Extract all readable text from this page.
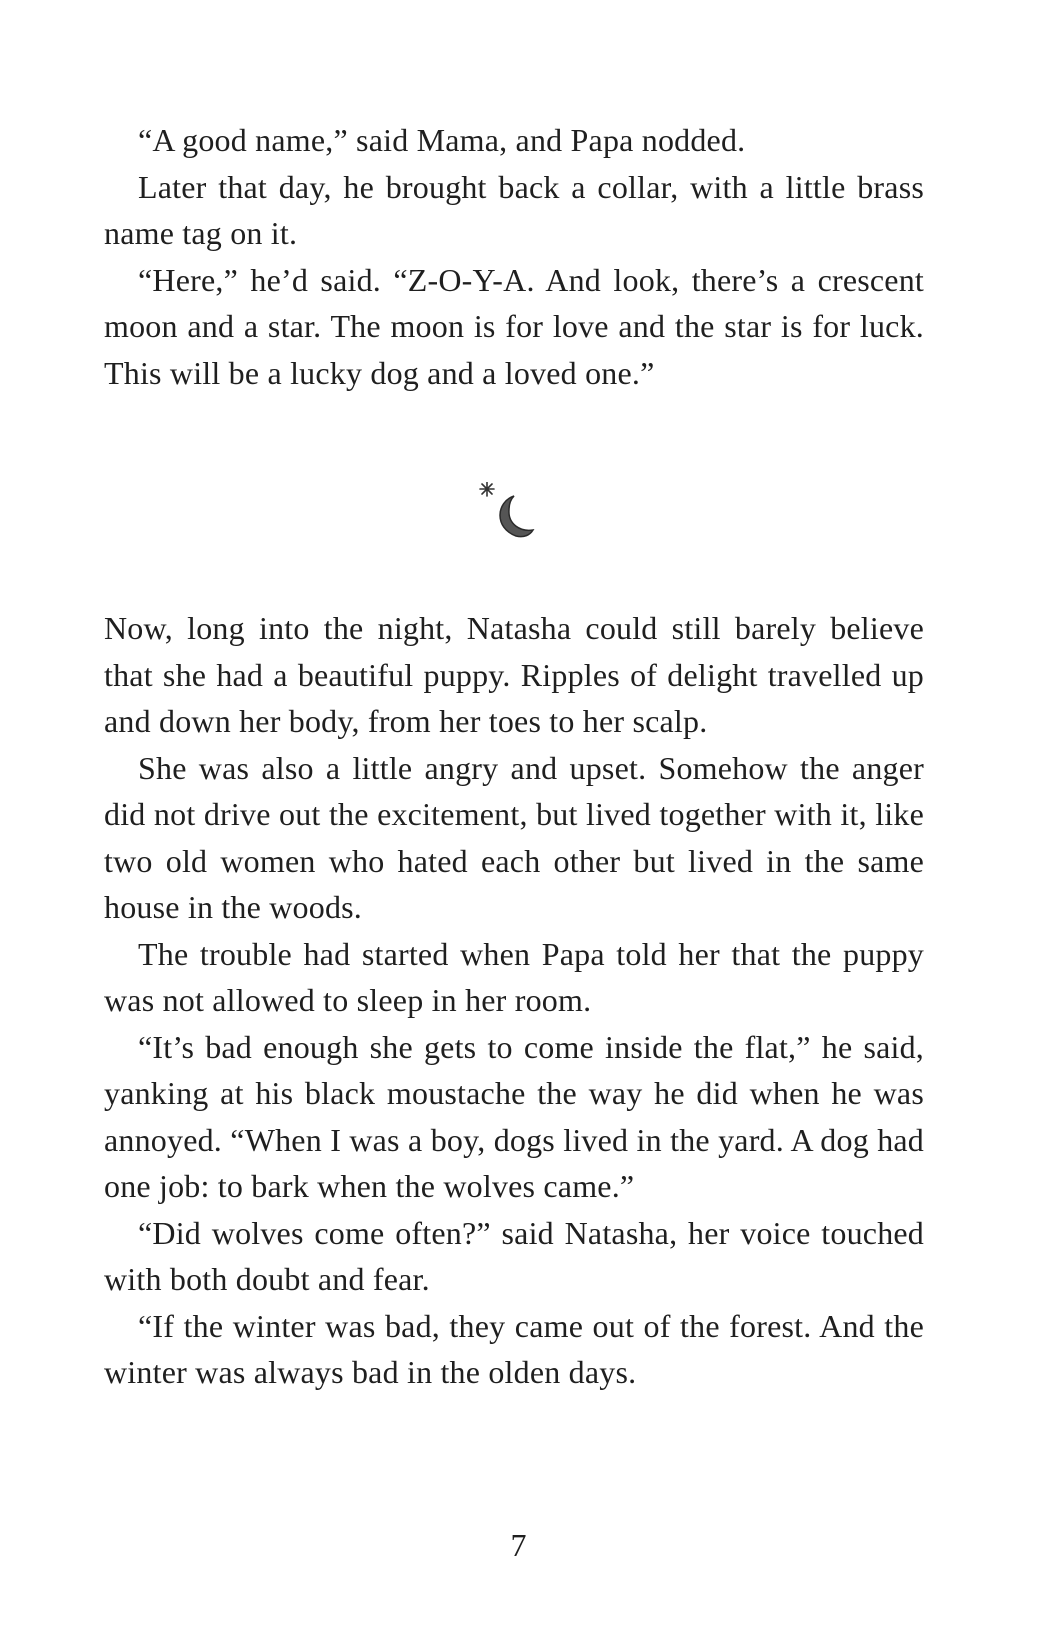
“A good name,” said Mama, and Papa nodded.

Later that day, he brought back a collar, with a little brass name tag on it.

“Here,” he’d said. “Z-O-Y-A. And look, there’s a crescent moon and a star. The moon is for love and the star is for luck. This will be a lucky dog and a loved one.”

Now, long into the night, Natasha could still barely believe that she had a beautiful puppy. Ripples of delight travelled up and down her body, from her toes to her scalp.

She was also a little angry and upset. Somehow the anger did not drive out the excitement, but lived together with it, like two old women who hated each other but lived in the same house in the woods.

The trouble had started when Papa told her that the puppy was not allowed to sleep in her room.

“It’s bad enough she gets to come inside the flat,” he said, yanking at his black moustache the way he did when he was annoyed. “When I was a boy, dogs lived in the yard. A dog had one job: to bark when the wolves came.”

“Did wolves come often?” said Natasha, her voice touched with both doubt and fear.

“If the winter was bad, they came out of the forest. And the winter was always bad in the olden days.

7
